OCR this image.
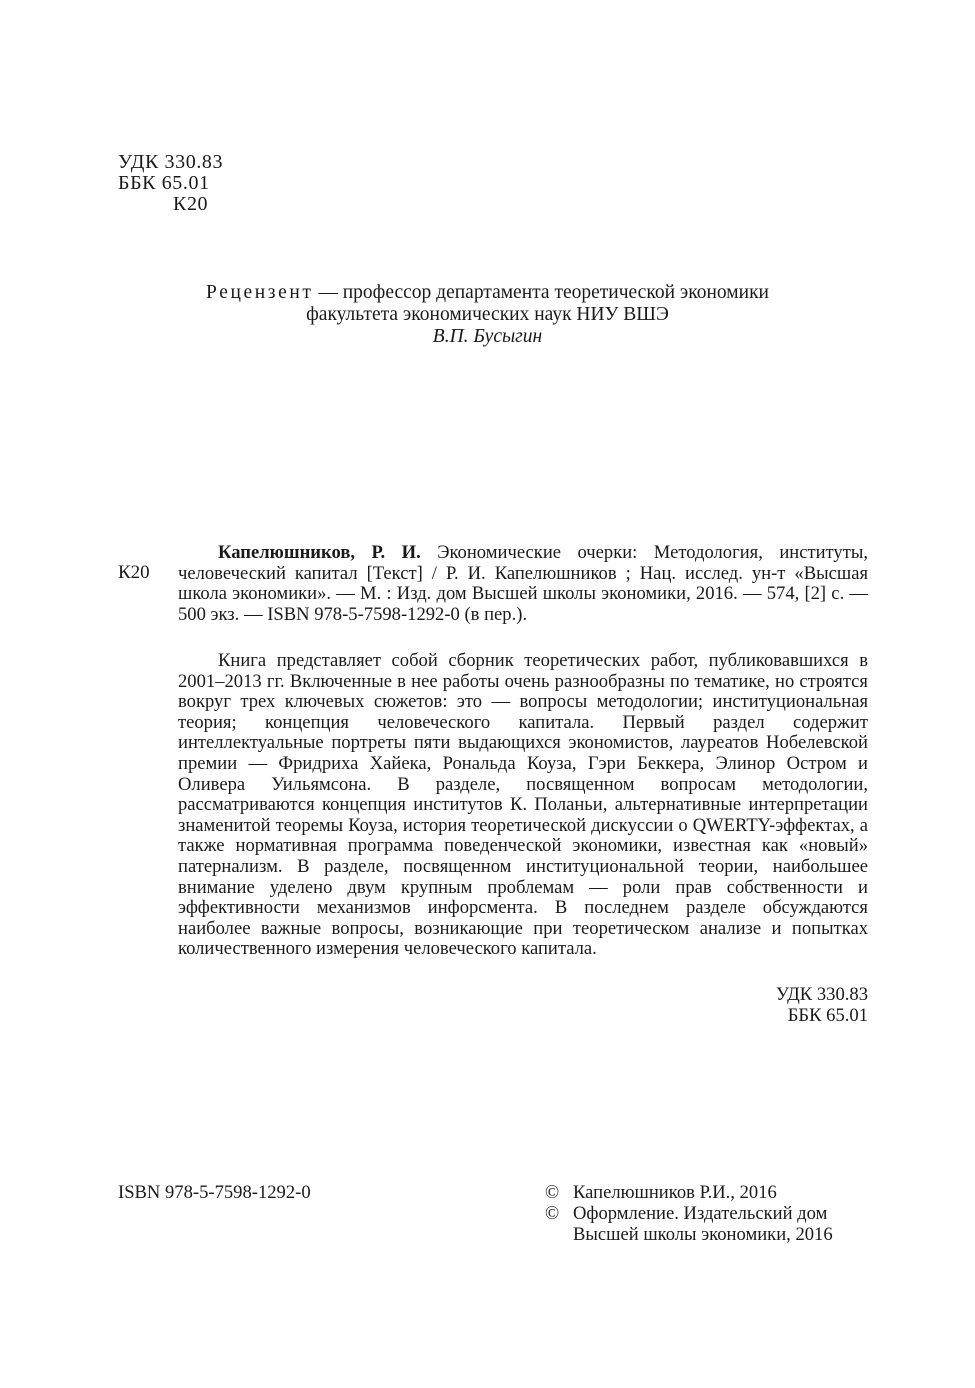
УДК 330.83
ББК 65.01
К20
Рецензент — профессор департамента теоретической экономики
факультета экономических наук НИУ ВШЭ
В.П. Бусыгин
К20

Капелюшников, Р. И. Экономические очерки: Методология, институты, человеческий капитал [Текст] / Р. И. Капелюшников ; Нац. исслед. ун-т «Высшая школа экономики». — М. : Изд. дом Высшей школы экономики, 2016. — 574, [2] с. — 500 экз. — ISBN 978-5-7598-1292-0 (в пер.).

Книга представляет собой сборник теоретических работ, публиковавшихся в 2001–2013 гг. Включенные в нее работы очень разнообразны по тематике, но строятся вокруг трех ключевых сюжетов: это — вопросы методологии; институциональная теория; концепция человеческого капитала. Первый раздел содержит интеллектуальные портреты пяти выдающихся экономистов, лауреатов Нобелевской премии — Фридриха Хайека, Рональда Коуза, Гэри Беккера, Элинор Остром и Оливера Уильямсона. В разделе, посвященном вопросам методологии, рассматриваются концепция институтов К. Поланьи, альтернативные интерпретации знаменитой теоремы Коуза, история теоретической дискуссии о QWERTY-эффектах, а также нормативная программа поведенческой экономики, известная как «новый» патернализм. В разделе, посвященном институциональной теории, наибольшее внимание уделено двум крупным проблемам — роли прав собственности и эффективности механизмов инфорсмента. В последнем разделе обсуждаются наиболее важные вопросы, возникающие при теоретическом анализе и попытках количественного измерения человеческого капитала.

УДК 330.83
ББК 65.01
ISBN 978-5-7598-1292-0	© Капелюшников Р.И., 2016
© Оформление. Издательский дом
Высшей школы экономики, 2016
